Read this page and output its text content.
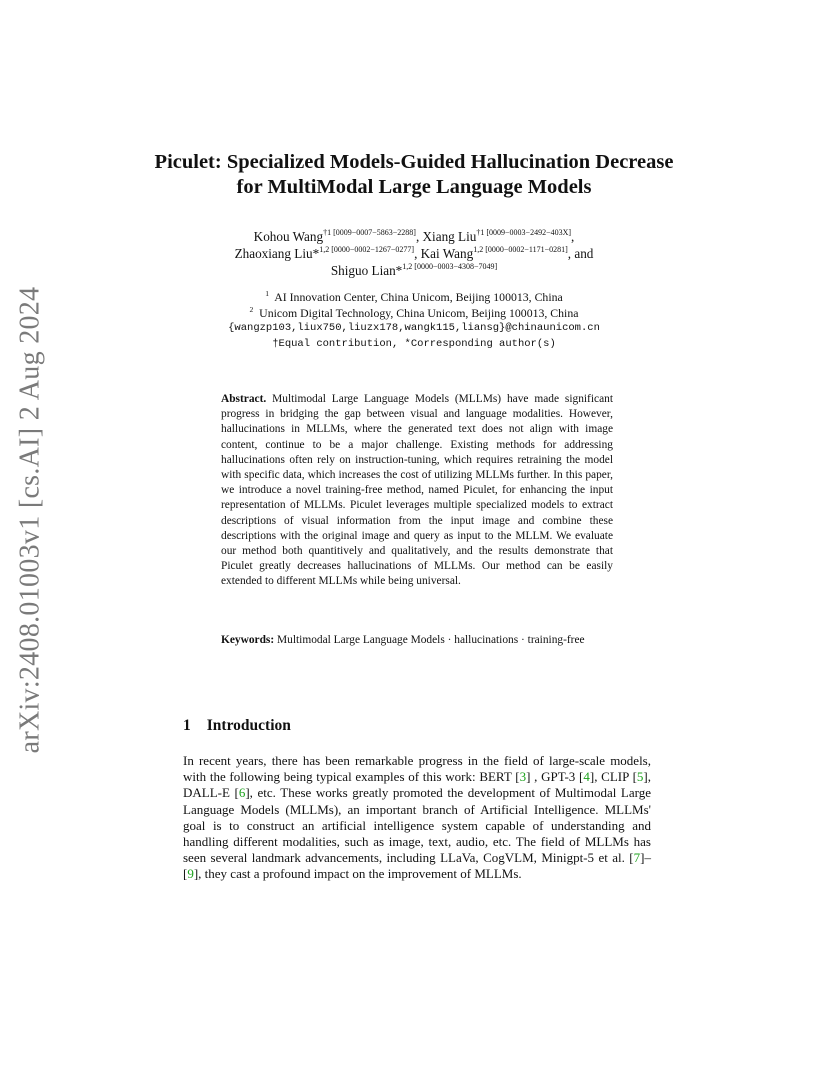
arXiv:2408.01003v1 [cs.AI] 2 Aug 2024
Piculet: Specialized Models-Guided Hallucination Decrease for MultiModal Large Language Models
Kohou Wang$^{\dagger 1 [0009-0007-5863-2288]}$, Xiang Liu$^{\dagger 1 [0009-0003-2492-403X]}$,
Zhaoxiang Liu*$^{1,2 [0000-0002-1267-0277]}$, Kai Wang$^{1,2 [0000-0002-1171-0281]}$, and
Shiguo Lian*$^{1,2 [0000-0003-4308-7049]}$
$^1$ AI Innovation Center, China Unicom, Beijing 100013, China
$^2$ Unicom Digital Technology, China Unicom, Beijing 100013, China
{wangzp103,liux750,liuzx178,wangk115,liansg}@chinaunicom.cn
†Equal contribution, *Corresponding author(s)
Abstract. Multimodal Large Language Models (MLLMs) have made significant progress in bridging the gap between visual and language modalities. However, hallucinations in MLLMs, where the generated text does not align with image content, continue to be a major challenge. Existing methods for addressing hallucinations often rely on instruction-tuning, which requires retraining the model with specific data, which increases the cost of utilizing MLLMs further. In this paper, we introduce a novel training-free method, named Piculet, for enhancing the input representation of MLLMs. Piculet leverages multiple specialized models to extract descriptions of visual information from the input image and combine these descriptions with the original image and query as input to the MLLM. We evaluate our method both quantitively and qualitatively, and the results demonstrate that Piculet greatly decreases hallucinations of MLLMs. Our method can be easily extended to different MLLMs while being universal.
Keywords: Multimodal Large Language Models · hallucinations · training-free
1 Introduction
In recent years, there has been remarkable progress in the field of large-scale models, with the following being typical examples of this work: BERT [3] , GPT-3 [4], CLIP [5], DALL-E [6], etc. These works greatly promoted the development of Multimodal Large Language Models (MLLMs), an important branch of Artificial Intelligence. MLLMs' goal is to construct an artificial intelligence system capable of understanding and handling different modalities, such as image, text, audio, etc. The field of MLLMs has seen several landmark advancements, including LLaVa, CogVLM, Minigpt-5 et al. [7]– [9], they cast a profound impact on the improvement of MLLMs.
